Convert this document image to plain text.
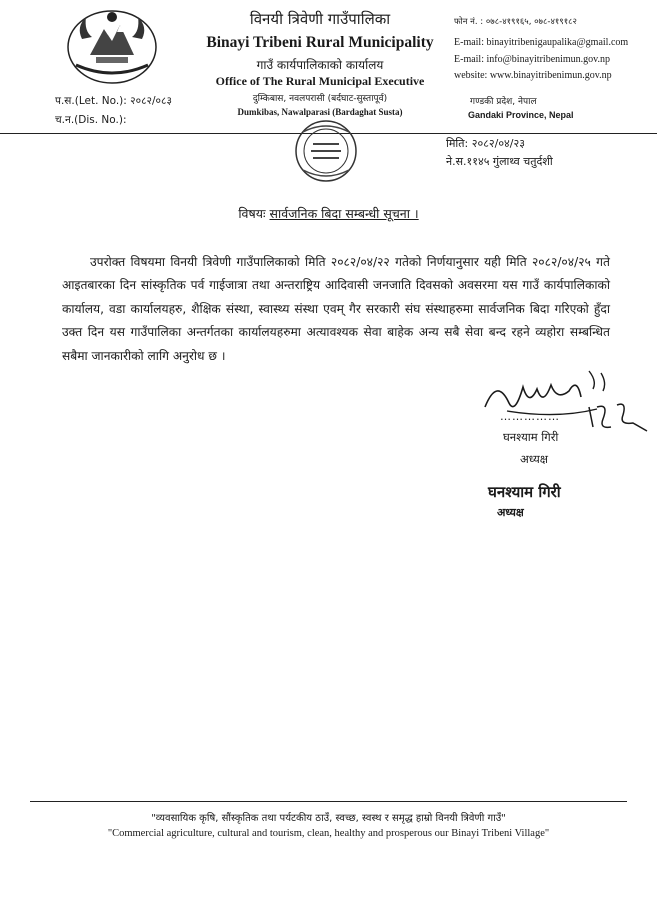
विनयी त्रिवेणी गाउँपालिका
Binayi Tribeni Rural Municipality
गाउँ कार्यपालिकाको कार्यालय
Office of The Rural Municipal Executive
दुम्किबास, नवलपरासी (बर्दघाट-सुस्तापूर्व)
Dumkibas, Nawalparasi (Bardaghat Susta)
फोन नं. : ०७८-४१९१६५, ०७८-४१९१८२
E-mail: binayitribenigaupalika@gmail.com
E-mail: info@binayitribenimun.gov.np
website: www.binayitribenimun.gov.np
गण्डकी प्रदेश, नेपाल
Gandaki Province, Nepal
प.स.(Let. No.): २०८२/०८३
च.न.(Dis. No.):
मिति: २०८२/०४/२३
ने.स.११४५ गुंलाथ्व चतुर्दशी
विषयः सार्वजनिक बिदा सम्बन्धी सूचना ।
उपरोक्त विषयमा विनयी त्रिवेणी गाउँपालिकाको मिति २०८२/०४/२२ गतेको निर्णयानुसार यही मिति २०८२/०४/२५ गते आइतबारका दिन सांस्कृतिक पर्व गाईजात्रा तथा अन्तराष्ट्रिय आदिवासी जनजाति दिवसको अवसरमा यस गाउँ कार्यपालिकाको कार्यालय, वडा कार्यालयहरु, शैक्षिक संस्था, स्वास्थ्य संस्था एवम् गैर सरकारी संघ संस्थाहरुमा सार्वजनिक बिदा गरिएको हुँदा उक्त दिन यस गाउँपालिका अन्तर्गतका कार्यालयहरुमा अत्यावश्यक सेवा बाहेक अन्य सबै सेवा बन्द रहने व्यहोरा सम्बन्धित सबैमा जानकारीको लागि अनुरोध छ ।
……………
घनश्याम गिरी
अध्यक्ष
घनश्याम गिरी
अध्यक्ष
"व्यवसायिक कृषि, सौंस्कृतिक तथा पर्यटकीय ठाउँ, स्वच्छ, स्वस्थ र समृद्ध हाम्रो विनयी त्रिवेणी गाउँ"
"Commercial agriculture, cultural and tourism, clean, healthy and prosperous our Binayi Tribeni Village"
